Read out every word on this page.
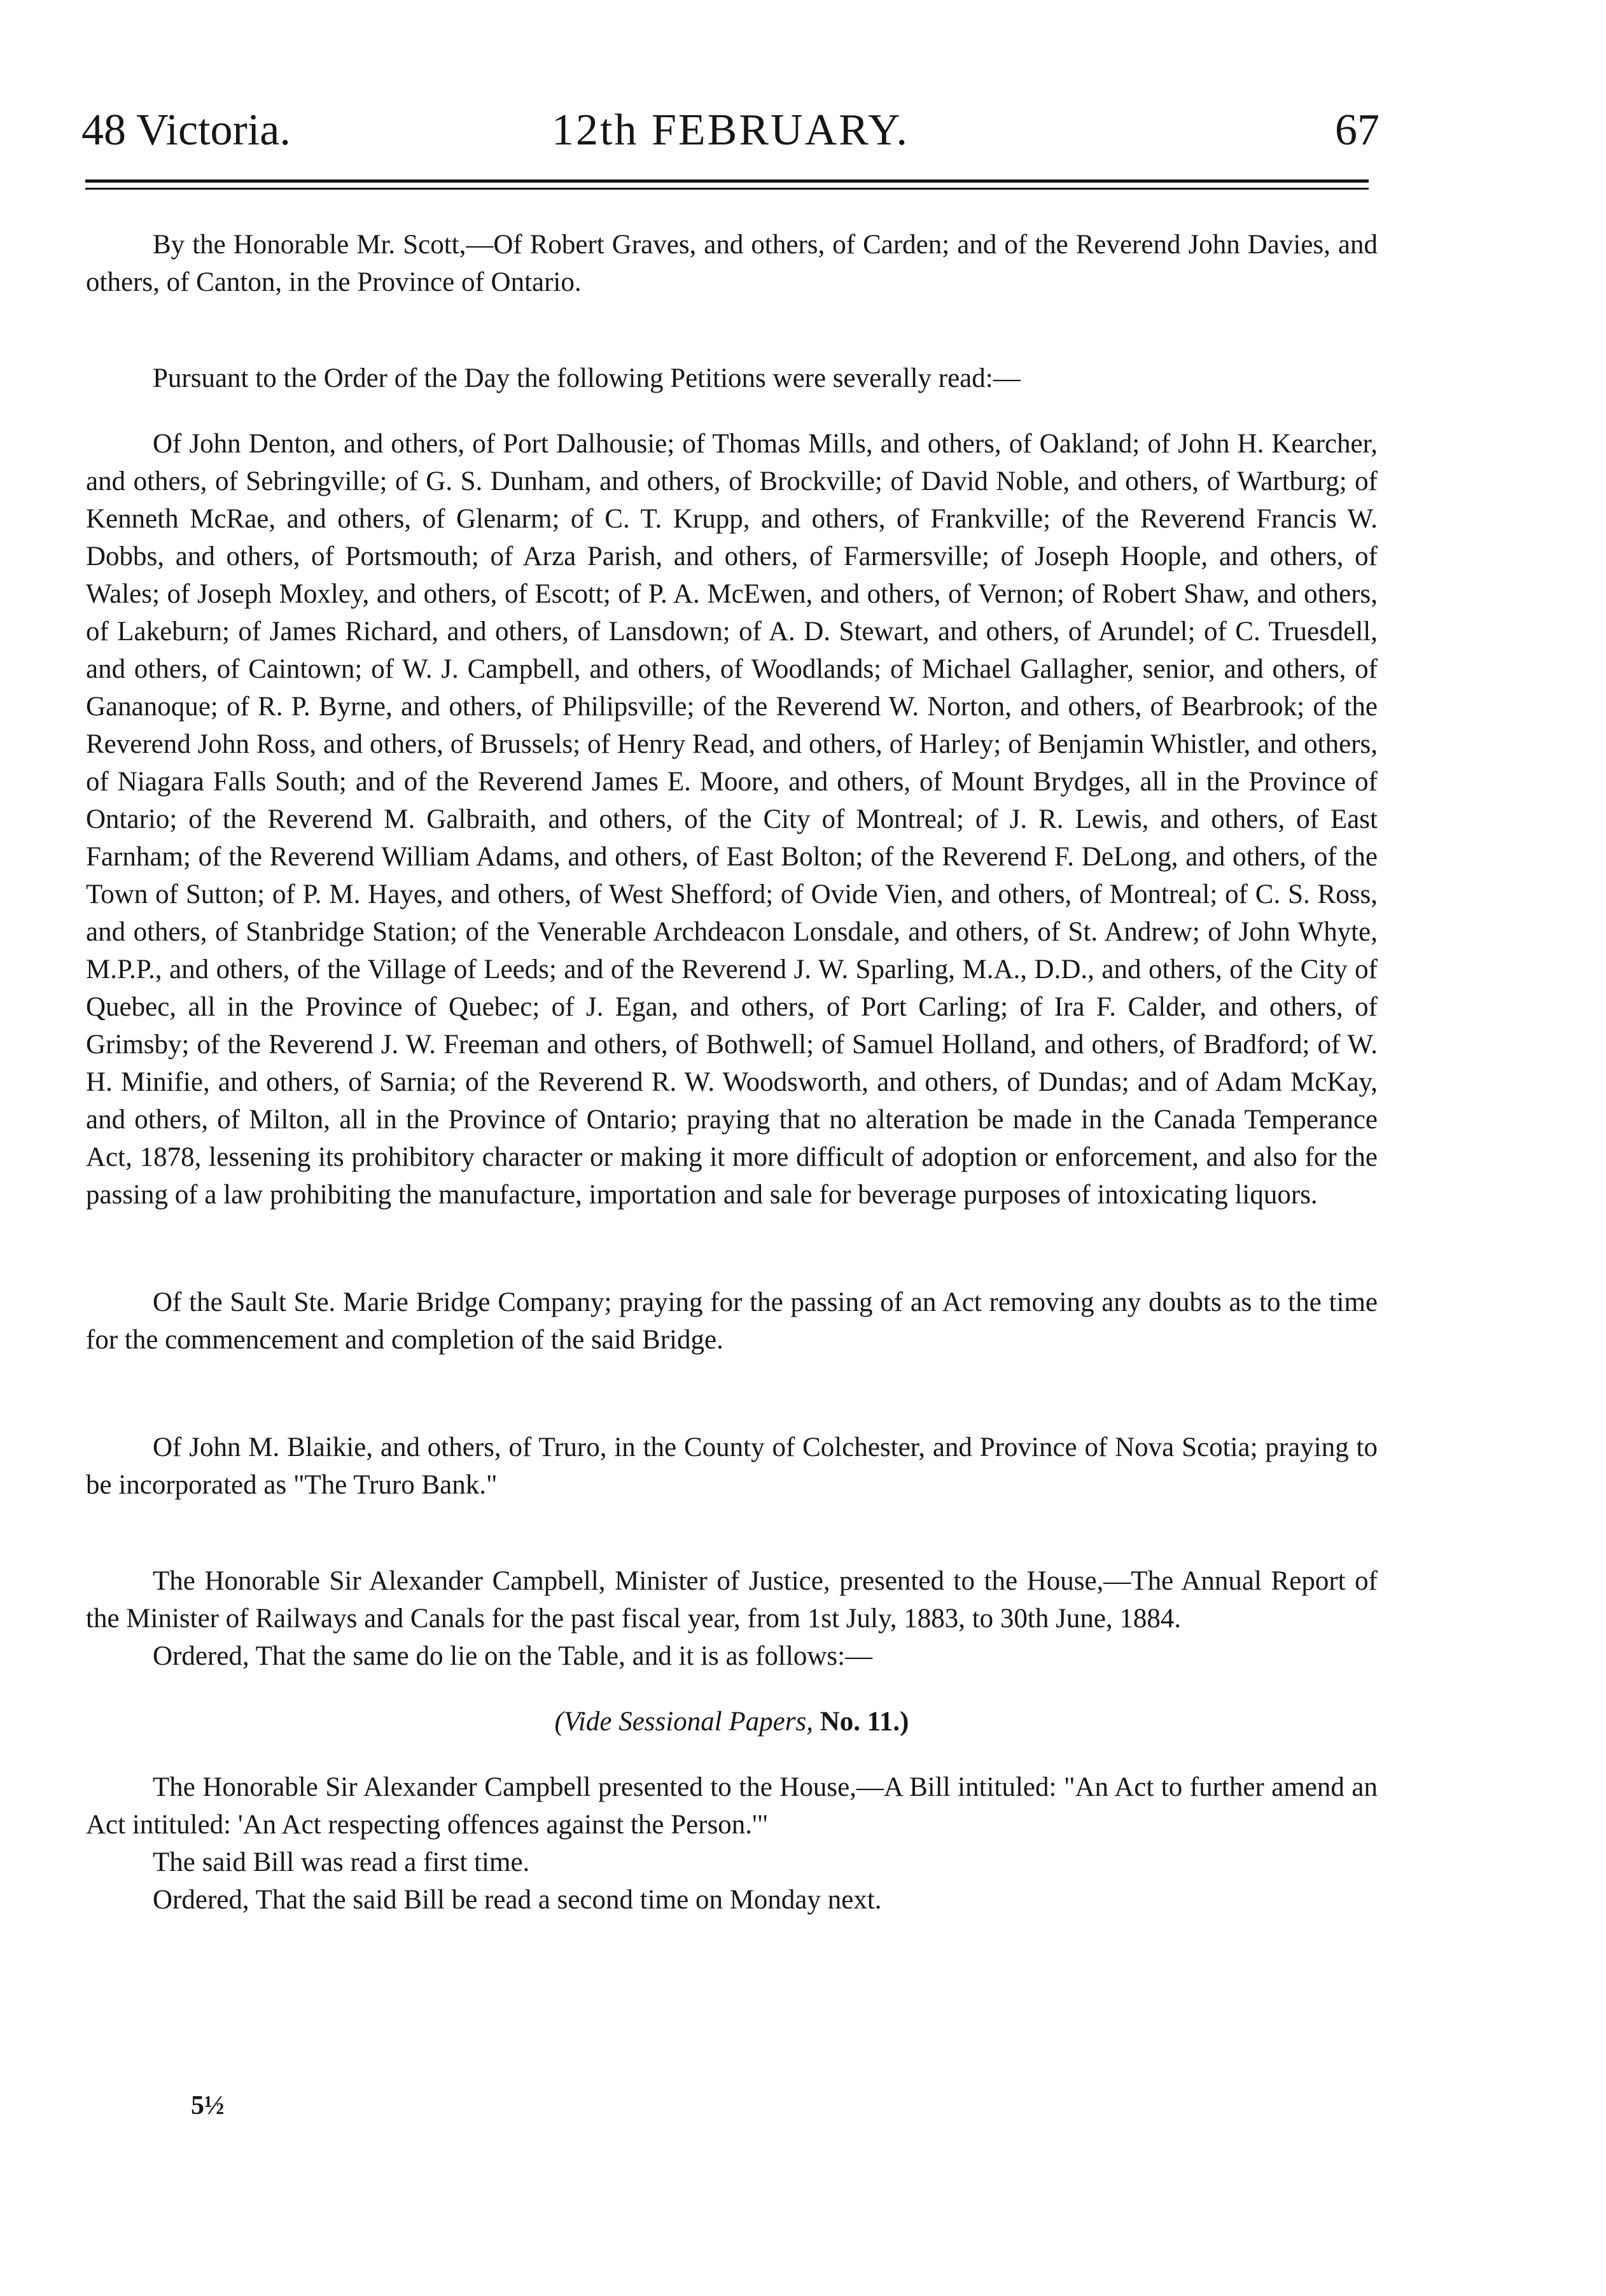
48 Victoria.	12th FEBRUARY.	67

By the Honorable Mr. Scott,—Of Robert Graves, and others, of Carden; and of the Reverend John Davies, and others, of Canton, in the Province of Ontario.

Pursuant to the Order of the Day the following Petitions were severally read:—

Of John Denton, and others, of Port Dalhousie; of Thomas Mills, and others, of Oakland; of John H. Kearcher, and others, of Sebringville; of G. S. Dunham, and others, of Brockville; of David Noble, and others, of Wartburg; of Kenneth McRae, and others, of Glenarm; of C. T. Krupp, and others, of Frankville; of the Reverend Francis W. Dobbs, and others, of Portsmouth; of Arza Parish, and others, of Farmersville; of Joseph Hoople, and others, of Wales; of Joseph Moxley, and others, of Escott; of P. A. McEwen, and others, of Vernon; of Robert Shaw, and others, of Lakeburn; of James Richard, and others, of Lansdown; of A. D. Stewart, and others, of Arundel; of C. Truesdell, and others, of Caintown; of W. J. Campbell, and others, of Woodlands; of Michael Gallagher, senior, and others, of Gananoque; of R. P. Byrne, and others, of Philipsville; of the Reverend W. Norton, and others, of Bearbrook; of the Reverend John Ross, and others, of Brussels; of Henry Read, and others, of Harley; of Benjamin Whistler, and others, of Niagara Falls South; and of the Reverend James E. Moore, and others, of Mount Brydges, all in the Province of Ontario; of the Reverend M. Galbraith, and others, of the City of Montreal; of J. R. Lewis, and others, of East Farnham; of the Reverend William Adams, and others, of East Bolton; of the Reverend F. DeLong, and others, of the Town of Sutton; of P. M. Hayes, and others, of West Shefford; of Ovide Vien, and others, of Montreal; of C. S. Ross, and others, of Stanbridge Station; of the Venerable Archdeacon Lonsdale, and others, of St. Andrew; of John Whyte, M.P.P., and others, of the Village of Leeds; and of the Reverend J. W. Sparling, M.A., D.D., and others, of the City of Quebec, all in the Province of Quebec; of J. Egan, and others, of Port Carling; of Ira F. Calder, and others, of Grimsby; of the Reverend J. W. Freeman and others, of Bothwell; of Samuel Holland, and others, of Bradford; of W. H. Minifie, and others, of Sarnia; of the Reverend R. W. Woodsworth, and others, of Dundas; and of Adam McKay, and others, of Milton, all in the Province of Ontario; praying that no alteration be made in the Canada Temperance Act, 1878, lessening its prohibitory character or making it more difficult of adoption or enforcement, and also for the passing of a law prohibiting the manufacture, importation and sale for beverage purposes of intoxicating liquors.

Of the Sault Ste. Marie Bridge Company; praying for the passing of an Act removing any doubts as to the time for the commencement and completion of the said Bridge.

Of John M. Blaikie, and others, of Truro, in the County of Colchester, and Province of Nova Scotia; praying to be incorporated as "The Truro Bank."

The Honorable Sir Alexander Campbell, Minister of Justice, presented to the House,—The Annual Report of the Minister of Railways and Canals for the past fiscal year, from 1st July, 1883, to 30th June, 1884.

Ordered, That the same do lie on the Table, and it is as follows:—

(Vide Sessional Papers, No. 11.)

The Honorable Sir Alexander Campbell presented to the House,—A Bill intituled: "An Act to further amend an Act intituled: 'An Act respecting offences against the Person.'"

The said Bill was read a first time.

Ordered, That the said Bill be read a second time on Monday next.

5½
